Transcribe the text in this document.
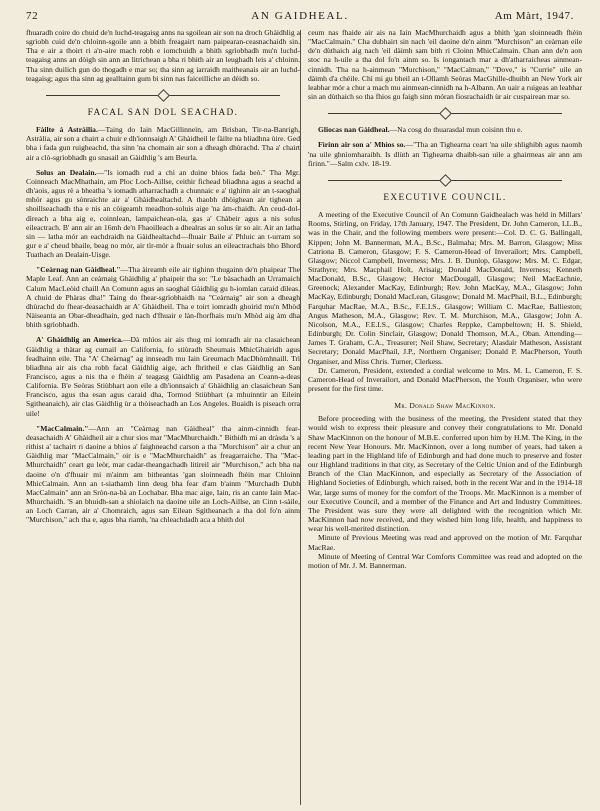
72	AN GAIDHEAL.	Am Màrt, 1947.

fhuaradh coire do chuid de'n luchd-teagaisg anns na sgoilean air son na droch Ghàidhlig a sgrìobh cuid de'n chloinn-sgoile ann a bhith freagairt nam paipearan-ceasnachaidh sin. Tha e air a thoirt ri a'n-aire mach robh e iomchuidh a bhith sgrìobhadh mu'n luchd-teagaisg anns an dòigh sin ann an litrichean a bha ri bhith air an leughadh leis a' chloinn. Tha sinn duilich gun do thogadh e mar so; tha sinn ag iarraidh maitheanais air an luchd-teagaisg; agus tha sinn ag gealltainn gum bi sinn nas faiceilliche an dèidh so.

FACAL SAN DOL SEACHAD.

Fàilte á Astràilia.—Taing do Iain MacGillinnein, am Brisban, Tìr-na-Banrigh, Astràlia, air son a chairt a chuir e dh'ionnsaigh A' Ghàidheil le fàilte na bliadhna ùire. Ged bha i fada gun ruigheachd, tha sinn 'na chomain air son a dheagh dhùrachd. Tha a' chairt air a clò-sgrìobhadh gu snasail an Gàidhlig 's am Beurla.

Solus an Dealain.—"Is iomadh rud a chì an duine bhios fada beò." Tha Mgr. Coinneach MacMhathain, am Ploc Loch-Aillse, ceithir fichead bliadhna agus a seachd a dh'aois, agus rè a bheatha 's iomadh atharrachadh a chunnaic e a' tighinn air an t-saoghal mhór agus gu sònraichte air a' Ghàidhealtachd. A thaobh dhòighean air tighean a shoillseachadh tha e nis an còigeamh meadhon-soluis aige 'na àm-chaidh. An ceud-dol-dìreach a bha aig e, coinnlean, lampaichean-ola, gas a' Chàbeir agus a nis solus eileactrach. B' ann air an 16mh de'n Fhaoilleach a dhealras an solus ùr so air. Air an latha sin — latha mór an eachdraidh na Gàidhealtachd—fhuair Baile a' Phluic an t-urram so gur e a' cheud bhaile, beag no mór, air tìr-mór a fhuair solus an eileactrachais bho Bhord Tuathach an Dealain-Uisge.

"Ceàrnag nan Gàidheal."—Tha àireamh eile air tighinn thugainn de'n phaipear The Maple Leaf. Ann an ceàrnaig Ghàidhlig a' phaipeir tha so: "Le bàsachadh an Urramaich Calum MacLeòid chaill An Comunn agus an saoghal Gàidhlig gu h-iomlan caraid dìleas. A chuid de Phàras dha!" Taing do fhear-sgrìobhaidh na "Ceàrnaig" air son a dheagh dhùrachd do fhear-deasachaidh ar A' Ghàidheil. Tha e toirt iomradh ghoirid mu'n Mhòd Nàiseanta an Obar-dheadhain, ged nach d'fhuair e làn-fhorfhais mu'n Mhòd aig àm dha bhith sgrìobhadh.

A' Ghàidhlig an America.—Dà mhìos air ais thug mi iomradh air na clasaichean Gàidhlig a thàtar ag cumail an California, fo stiùradh Sheumais MhicGhairidh agus feadhainn eile. Tha "A' Cheàrnag" ag innseadh mu Iain Greumach MacDhòmhnaill. Trì bliadhna air ais cha robh facal Gàidhlig aige, ach fhritheil e clas Gàidhlig an San Francisco, agus a nis tha e fhèin a' teagasg Gàidhlig am Pasadena an Ceann-a-deas California. B'e Seòras Stiùbhart aon eile a dh'ionnsaich a' Ghàidhlig an clasaichean San Francisco, agus tha esan agus caraid dha, Tormod Stiùbhart (a mhuinntir an Eilein Sgitheanaich), air clas Gàidhlig ùr a thòiseachadh an Los Angeles. Buaidh is piseach orra uile!

"MacCalmain."—Ann an "Ceàrnag nan Gàidheal" tha ainm-cinnidh fear-deasachaidh A' Ghàidheil air a chur sìos mar "MacMhurchaidh." Bithidh mi an dràsda 's a rithist a' tachairt ri daoine a bhios a' faighneachd carson a tha "Murchison" air a chur an Gàidhlig mar "MacCalmain," oir is e "MacMhurchaidh" as freagarraiche. Tha "Mac-Mhurchaidh" ceart gu leòr, mar cadar-theangachadh litireil air "Murchison," ach bha na daoine o'n d'fhuair mi m'ainm am bitheantas 'gan sloinneadh fhèin mar Chloinn MhicCalmain. Ann an t-siathamh linn deug bha fear d'am b'ainm "Murchadh Dubh MacCalmain" ann an Sròn-na-bà an Lochabar. Bha mac aige, Iain, ris an cante Iain Mac-Mhurchaidh. 'S an bhuidh-san a shìolaich na daoine uile an Loch-Aillse, an Cinn t-sàile, an Loch Carran, air a' Chomraich, agus san Eilean Sgitheanach a tha dol fo'n ainm "Murchison," ach tha e, agus bha riamh, 'na chleachdadh aca a bhith dol

ceum nas fhaide air ais na Iain MacMhurchaidh agus a bhith 'gan sloinneadh fhèin "MacCalmain." Cha dubhairt sin nach 'eil daoine de'n ainm "Murchison" an ceàrnan eile de'n dùthaich aig nach 'eil dàimh sam bith ri Cloinn MhicCalmain. Chan ann de'n aon stoc na h-uile a tha dol fo'n ainm so. Is iongantach mar a dh'atharraicheas ainmean-cinnidh. Tha na h-ainmean "Murchison," "MacCalman," "Dove," is "Currie" uile an dàimh d'a chèile. Chì mi gu bheil an t-Ollamh Seòras MacGhille-dhuibh an New York air leabhar mór a chur a mach mu ainmean-cinnidh na h-Albann. An uair a ruigeas an leabhar sin an dùthaich so tha fhios gu faigh sinn móran fiosrachaidh ùr air cuspairean mar so.

Gliocas nan Gàidheal.—Na cosg do thuarasdal mun coisinn thu e.

Fìrinn air son a' Mhìos so.—"Tha an Tighearna ceart 'na uile shlighibh agus naomh 'na uile ghnìomharaibh. Is dlùth an Tighearna dhaibh-san uile a ghairmeas air ann am fìrinn."—Salm cxlv. 18-19.

EXECUTIVE COUNCIL.

A meeting of the Executive Council of An Comunn Gaidhealach was held in Millars' Rooms, Stirling, on Friday, 17th January, 1947. The President, Dr. John Cameron, LL.B., was in the Chair, and the following members were present:—Col. D. C. G. Ballingall, Kippen; John M. Bannerman, M.A., B.Sc., Balmaha; Mrs. M. Barron, Glasgow; Miss Catriona B. Cameron, Glasgow; F. S. Cameron-Head of Inverailort; Mrs. Campbell, Glasgow; Niccol Campbell, Inverness; Mrs. J. B. Dunlop, Glasgow; Mrs. M. C. Edgar, Strathyre; Mrs. Macphail Holt, Arisaig; Donald MacDonald, Inverness; Kenneth MacDonald, B.Sc., Glasgow; Hector MacDougall, Glasgow; Neil MacEachnie, Greenock; Alexander MacKay, Edinburgh; Rev. John MacKay, M.A., Glasgow; John MacKay, Edinburgh; Donald MacLean, Glasgow; Donald M. MacPhail, B.L., Edinburgh; Farquhar MacRae, M.A., B.Sc., F.E.I.S., Glasgow; William C. MacRae, Ballieston; Angus Matheson, M.A., Glasgow; Rev. T. M. Murchison, M.A., Glasgow; John A. Nicolson, M.A., F.E.I.S., Glasgow; Charles Reppke, Campbeltown; H. S. Shield, Edinburgh; Dr. Colin Sinclair, Glasgow; Donald Thomson, M.A., Oban. Attending—James T. Graham, C.A., Treasurer; Neil Shaw, Secretary; Alasdair Matheson, Assistant Secretary; Donald MacPhail, J.P., Northern Organiser; Donald P. MacPherson, Youth Organiser, and Miss Chris. Turner, Clerkess.

Dr. Cameron, President, extended a cordial welcome to Mrs. M. L. Cameron, F. S. Cameron-Head of Inverailort, and Donald MacPherson, the Youth Organiser, who were present for the first time.

Mr. Donald Shaw MacKinnon.

Before proceeding with the business of the meeting, the President stated that they would wish to express their pleasure and convey their congratulations to Mr. Donald Shaw MacKinnon on the honour of M.B.E. conferred upon him by H.M. The King, in the recent New Year Honours. Mr. MacKinnon, over a long number of years, had taken a leading part in the Highland life of Edinburgh and had done much to preserve and foster our Highland traditions in that city, as Secretary of the Celtic Union and of the Edinburgh Branch of the Clan MacKinnon, and especially as Secretary of the Association of Highland Societies of Edinburgh, which raised, both in the recent War and in the 1914-18 War, large sums of money for the comfort of the Troops. Mr. MacKinnon is a member of our Executive Council, and a member of the Finance and Art and Industry Committees. The President was sure they were all delighted with the recognition which Mr. MacKinnon had now received, and they wished him long life, health, and happiness to wear his well-merited distinction.

Minute of Previous Meeting was read and approved on the motion of Mr. Farquhar MacRae.

Minute of Meeting of Central War Comforts Committee was read and adopted on the motion of Mr. J. M. Bannerman.
